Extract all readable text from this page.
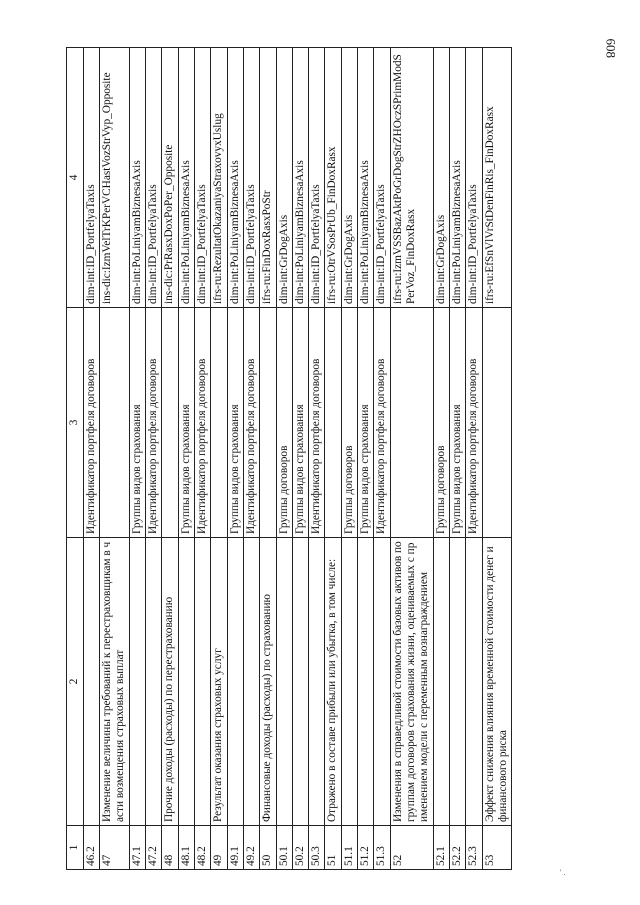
608
1	2	3	4
46.2		Идентификатор портфеля договоров	dim-int:ID_PortfelyaTaxis
47	Изменение величины требований к перестраховщикам в части возмещения страховых выплат		ins-dic:IzmVelTrKPerVCHastVozStrVyp_Opposite
47.1		Группы видов страхования	dim-int:PoLiniyamBiznesaAxis
47.2		Идентификатор портфеля договоров	dim-int:ID_PortfelyaTaxis
48	Прочие доходы (расходы) по перестрахованию		ins-dic:PrRasxDoxPoPer_Opposite
48.1		Группы видов страхования	dim-int:PoLiniyamBiznesaAxis
48.2		Идентификатор портфеля договоров	dim-int:ID_PortfelyaTaxis
49	Результат оказания страховых услуг		ifrs-ru:RezultatOkazaniyaStraxovyxUslug
49.1		Группы видов страхования	dim-int:PoLiniyamBiznesaAxis
49.2		Идентификатор портфеля договоров	dim-int:ID_PortfelyaTaxis
50	Финансовые доходы (расходы) по страхованию		ifrs-ru:FinDoxRasxPoStr
50.1		Группы договоров	dim-int:GrDogAxis
50.2		Группы видов страхования	dim-int:PoLiniyamBiznesaAxis
50.3		Идентификатор портфеля договоров	dim-int:ID_PortfelyaTaxis
51	Отражено в составе прибыли или убытка, в том числе:		ifrs-ru:OtrVSosPrUb_FinDoxRasx
51.1		Группы договоров	dim-int:GrDogAxis
51.2		Группы видов страхования	dim-int:PoLiniyamBiznesaAxis
51.3		Идентификатор портфеля договоров	dim-int:ID_PortfelyaTaxis
52	Изменения в справедливой стоимости базовых активов по группам договоров страхования жизни, оцениваемых с применением модели с переменным вознаграждением		ifrs-ru:IzmVSSBazAktPoGrDogStrZHOczSPrimModSPerVoz_FinDoxRasx
52.1		Группы договоров	dim-int:GrDogAxis
52.2		Группы видов страхования	dim-int:PoLiniyamBiznesaAxis
52.3		Идентификатор портфеля договоров	dim-int:ID_PortfelyaTaxis
53	Эффект снижения влияния временной стоимости денег и финансового риска		ifrs-ru:EfSnVlVrStDenFinRis_FinDoxRasx
' .
